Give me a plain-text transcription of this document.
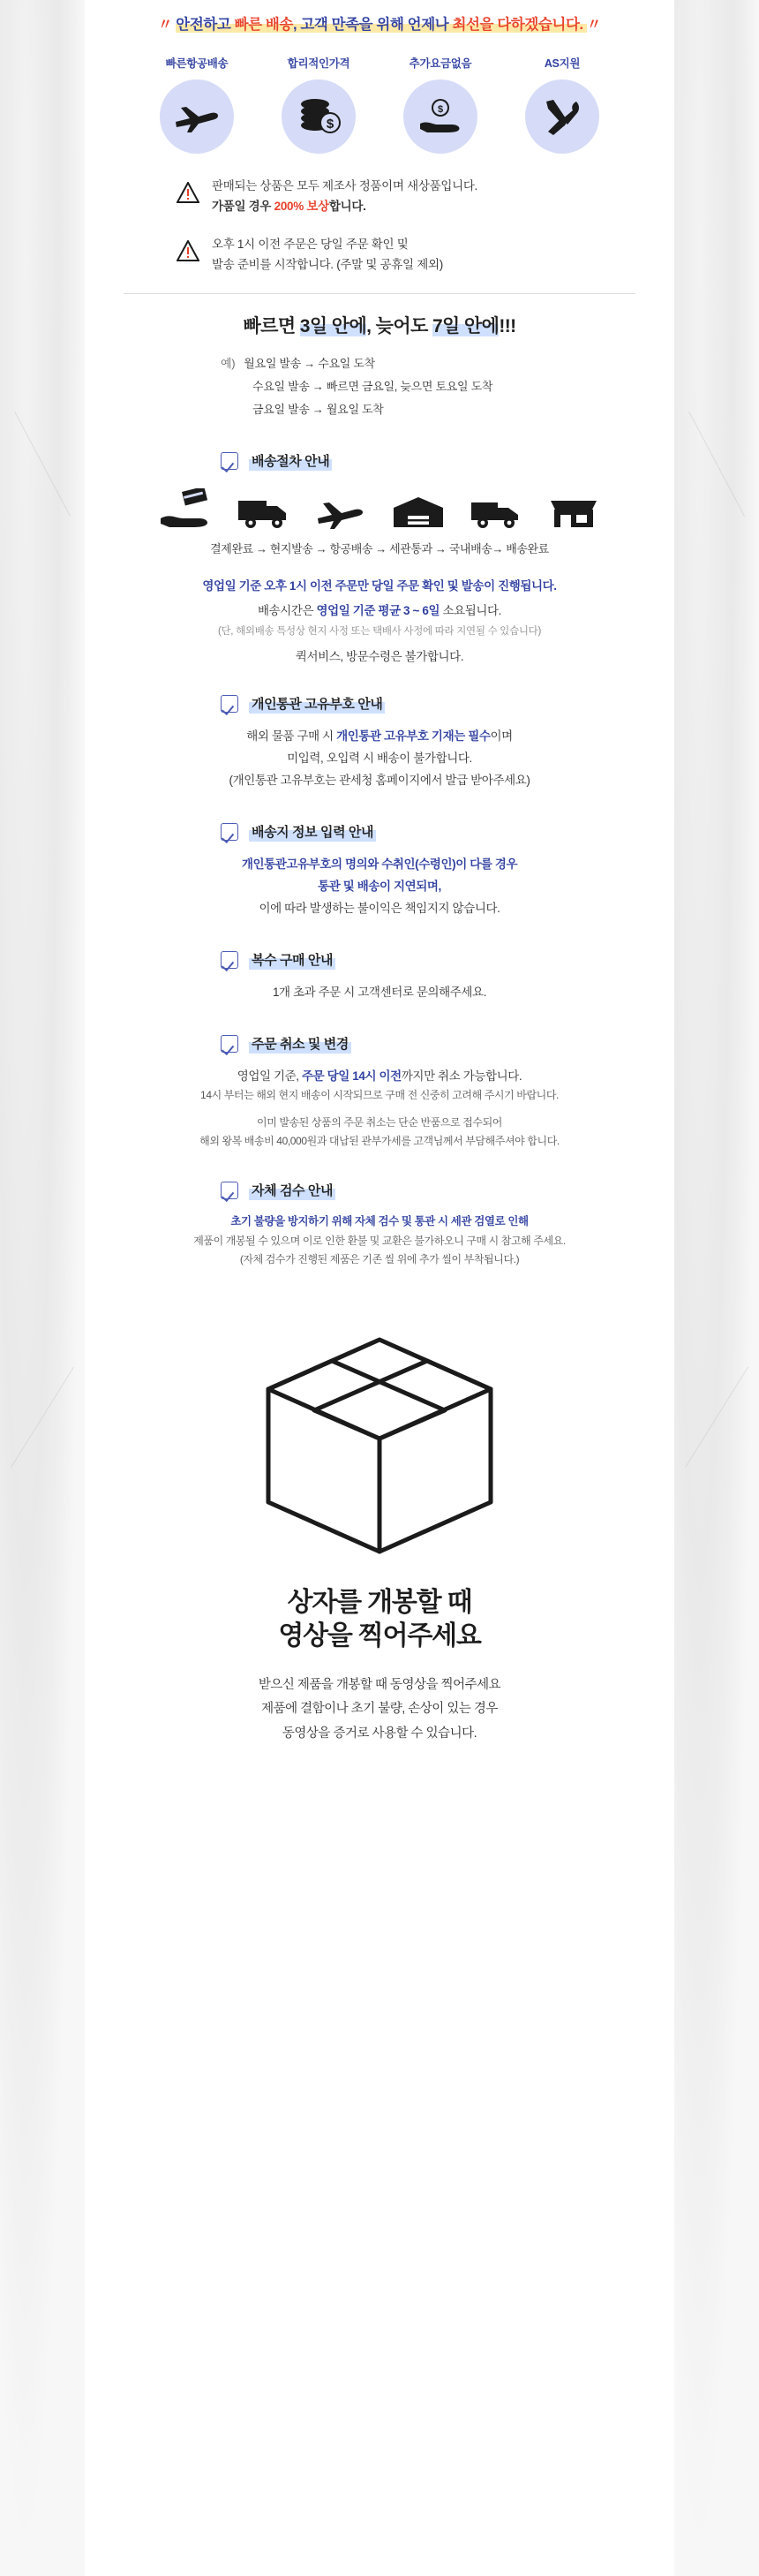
〃 안전하고 빠른 배송, 고객 만족을 위해 언제나 최선을 다하겠습니다. 〃
빠른항공배송	합리적인가격
$
추가요금없음
$
AS지원
판매되는 상품은 모두 제조사 정품이며 새상품입니다.
가품일 경우 200% 보상합니다.
오후 1시 이전 주문은 당일 주문 확인 및
발송 준비를 시작합니다. (주말 및 공휴일 제외)
빠르면 3일 안에, 늦어도 7일 안에!!!
예) 월요일 발송 → 수요일 도착
수요일 발송 → 빠르면 금요일, 늦으면 토요일 도착
금요일 발송 → 월요일 도착
배송절차 안내
결제완료 → 현지발송 → 항공배송 → 세관통과 → 국내배송→ 배송완료
영업일 기준 오후 1시 이전 주문만 당일 주문 확인 및 발송이 진행됩니다.
배송시간은 영업일 기준 평균 3 ~ 6일 소요됩니다.
(단, 해외배송 특성상 현지 사정 또는 택배사 사정에 따라 지연될 수 있습니다)
퀵서비스, 방문수령은 불가합니다.
개인통관 고유부호 안내
해외 물품 구매 시 개인통관 고유부호 기재는 필수이며
미입력, 오입력 시 배송이 불가합니다.
(개인통관 고유부호는 관세청 홈페이지에서 발급 받아주세요)
배송지 정보 입력 안내
개인통관고유부호의 명의와 수취인(수령인)이 다를 경우
통관 및 배송이 지연되며,
이에 따라 발생하는 불이익은 책임지지 않습니다.
복수 구매 안내
1개 초과 주문 시 고객센터로 문의해주세요.
주문 취소 및 변경
영업일 기준, 주문 당일 14시 이전까지만 취소 가능합니다.
14시 부터는 해외 현지 배송이 시작되므로 구매 전 신중히 고려해 주시기 바랍니다.
이미 발송된 상품의 주문 취소는 단순 반품으로 접수되어
해외 왕복 배송비 40,000원과 대납된 관부가세를 고객님께서 부담해주셔야 합니다.
자체 검수 안내
초기 불량을 방지하기 위해 자체 검수 및 통관 시 세관 검열로 인해
제품이 개봉될 수 있으며 이로 인한 환불 및 교환은 불가하오니 구매 시 참고해 주세요.
(자체 검수가 진행된 제품은 기존 씰 위에 추가 씰이 부착됩니다.)
상자를 개봉할 때
영상을 찍어주세요
받으신 제품을 개봉할 때 동영상을 찍어주세요
제품에 결함이나 초기 불량, 손상이 있는 경우
동영상을 증거로 사용할 수 있습니다.
